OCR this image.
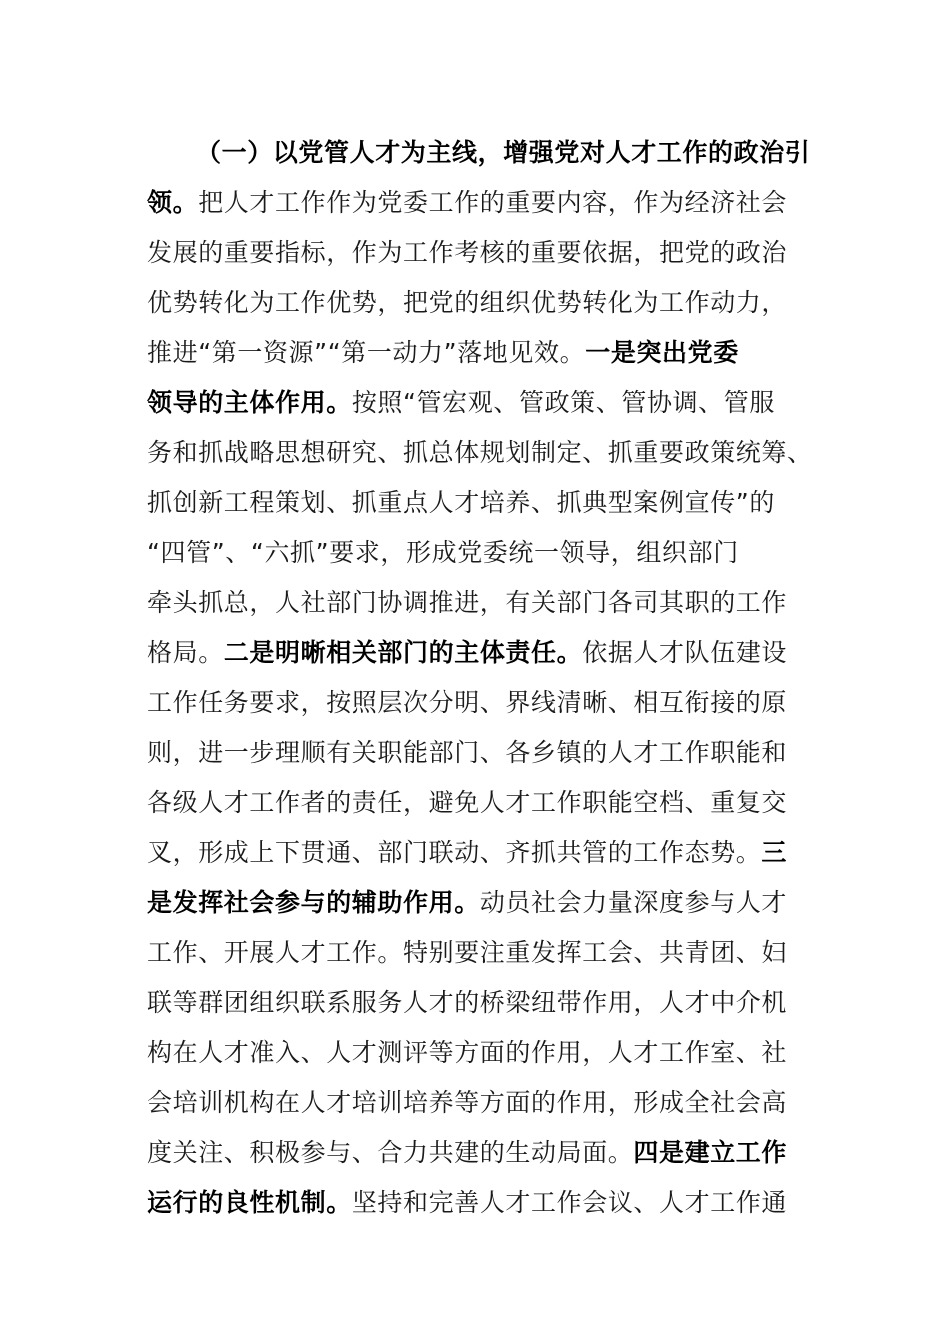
（一）以党管人才为主线，增强党对人才工作的政治引
领。把人才工作作为党委工作的重要内容，作为经济社会
发展的重要指标，作为工作考核的重要依据，把党的政治
优势转化为工作优势，把党的组织优势转化为工作动力，
推进“第一资源”“第一动力”落地见效。一是突出党委
领导的主体作用。按照“管宏观、管政策、管协调、管服
务和抓战略思想研究、抓总体规划制定、抓重要政策统筹、
抓创新工程策划、抓重点人才培养、抓典型案例宣传”的
“四管”、“六抓”要求，形成党委统一领导，组织部门
牵头抓总，人社部门协调推进，有关部门各司其职的工作
格局。二是明晰相关部门的主体责任。依据人才队伍建设
工作任务要求，按照层次分明、界线清晰、相互衔接的原
则，进一步理顺有关职能部门、各乡镇的人才工作职能和
各级人才工作者的责任，避免人才工作职能空档、重复交
叉，形成上下贯通、部门联动、齐抓共管的工作态势。三
是发挥社会参与的辅助作用。动员社会力量深度参与人才
工作、开展人才工作。特别要注重发挥工会、共青团、妇
联等群团组织联系服务人才的桥梁纽带作用，人才中介机
构在人才准入、人才测评等方面的作用，人才工作室、社
会培训机构在人才培训培养等方面的作用，形成全社会高
度关注、积极参与、合力共建的生动局面。四是建立工作
运行的良性机制。坚持和完善人才工作会议、人才工作通
